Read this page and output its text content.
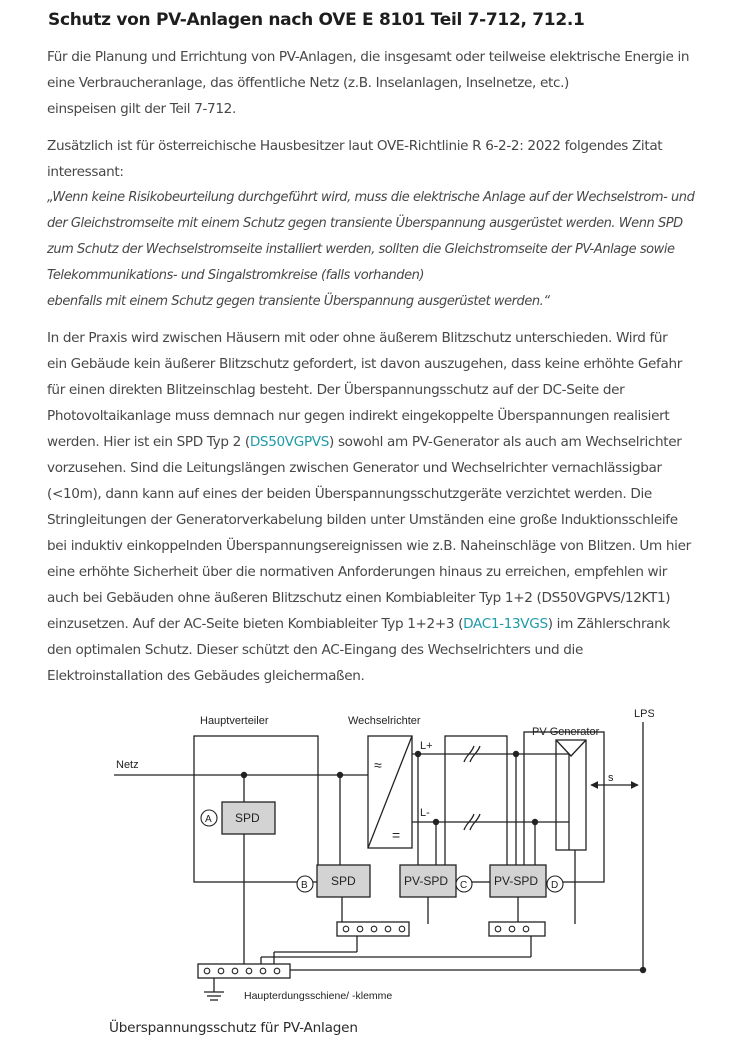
Schutz von PV-Anlagen nach OVE E 8101 Teil 7-712, 712.1

Für die Planung und Errichtung von PV-Anlagen, die insgesamt oder teilweise elektrische Energie in
eine Verbraucheranlage, das öffentliche Netz (z.B. Inselanlagen, Inselnetze, etc.)
einspeisen gilt der Teil 7-712.

Zusätzlich ist für österreichische Hausbesitzer laut OVE-Richtlinie R 6-2-2: 2022 folgendes Zitat
interessant:
„Wenn keine Risikobeurteilung durchgeführt wird, muss die elektrische Anlage auf der Wechselstrom- und
der Gleichstromseite mit einem Schutz gegen transiente Überspannung ausgerüstet werden. Wenn SPD
zum Schutz der Wechselstromseite installiert werden, sollten die Gleichstromseite der PV-Anlage sowie
Telekommunikations- und Singalstromkreise (falls vorhanden)
ebenfalls mit einem Schutz gegen transiente Überspannung ausgerüstet werden.“

In der Praxis wird zwischen Häusern mit oder ohne äußerem Blitzschutz unterschieden. Wird für
ein Gebäude kein äußerer Blitzschutz gefordert, ist davon auszugehen, dass keine erhöhte Gefahr
für einen direkten Blitzeinschlag besteht. Der Überspannungsschutz auf der DC-Seite der
Photovoltaikanlage muss demnach nur gegen indirekt eingekoppelte Überspannungen realisiert
werden. Hier ist ein SPD Typ 2 (DS50VGPVS) sowohl am PV-Generator als auch am Wechselrichter
vorzusehen. Sind die Leitungslängen zwischen Generator und Wechselrichter vernachlässigbar
(<10m), dann kann auf eines der beiden Überspannungsschutzgeräte verzichtet werden. Die
Stringleitungen der Generatorverkabelung bilden unter Umständen eine große Induktionsschleife
bei induktiv einkoppelnden Überspannungsereignissen wie z.B. Naheinschläge von Blitzen. Um hier
eine erhöhte Sicherheit über die normativen Anforderungen hinaus zu erreichen, empfehlen wir
auch bei Gebäuden ohne äußeren Blitzschutz einen Kombiableiter Typ 1+2 (DS50VGPVS/12KT1)
einzusetzen. Auf der AC-Seite bieten Kombiableiter Typ 1+2+3 (DAC1-13VGS) im Zählerschrank
den optimalen Schutz. Dieser schützt den AC-Eingang des Wechselrichters und die
Elektroinstallation des Gebäudes gleichermaßen.

Hauptverteiler	Wechselrichter
PV-Generator
LPS
Netz
L+
L-
s
≈
=
SPD
SPD	PV-SPD	PV-SPD
A
B	C	D
Haupterdungsschiene/ -klemme
Überspannungsschutz für PV-Anlagen
